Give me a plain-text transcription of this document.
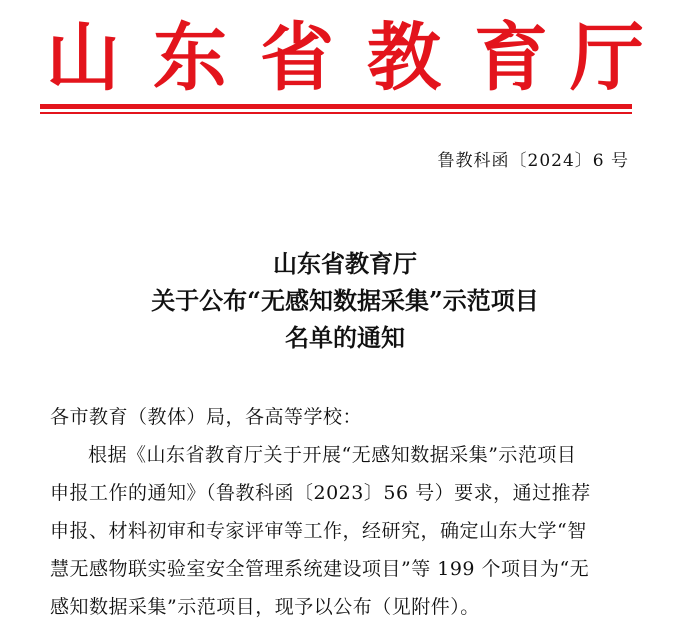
山 东 省 教 育 厅
鲁教科函〔2024〕6 号
山东省教育厅
关于公布“无感知数据采集”示范项目
名单的通知
各市教育（教体）局，各高等学校：
根据《山东省教育厅关于开展“无感知数据采集”示范项目
申报工作的通知》（鲁教科函〔2023〕56 号）要求，通过推荐
申报、材料初审和专家评审等工作，经研究，确定山东大学“智
慧无感物联实验室安全管理系统建设项目”等 199 个项目为“无
感知数据采集”示范项目，现予以公布（见附件）。
